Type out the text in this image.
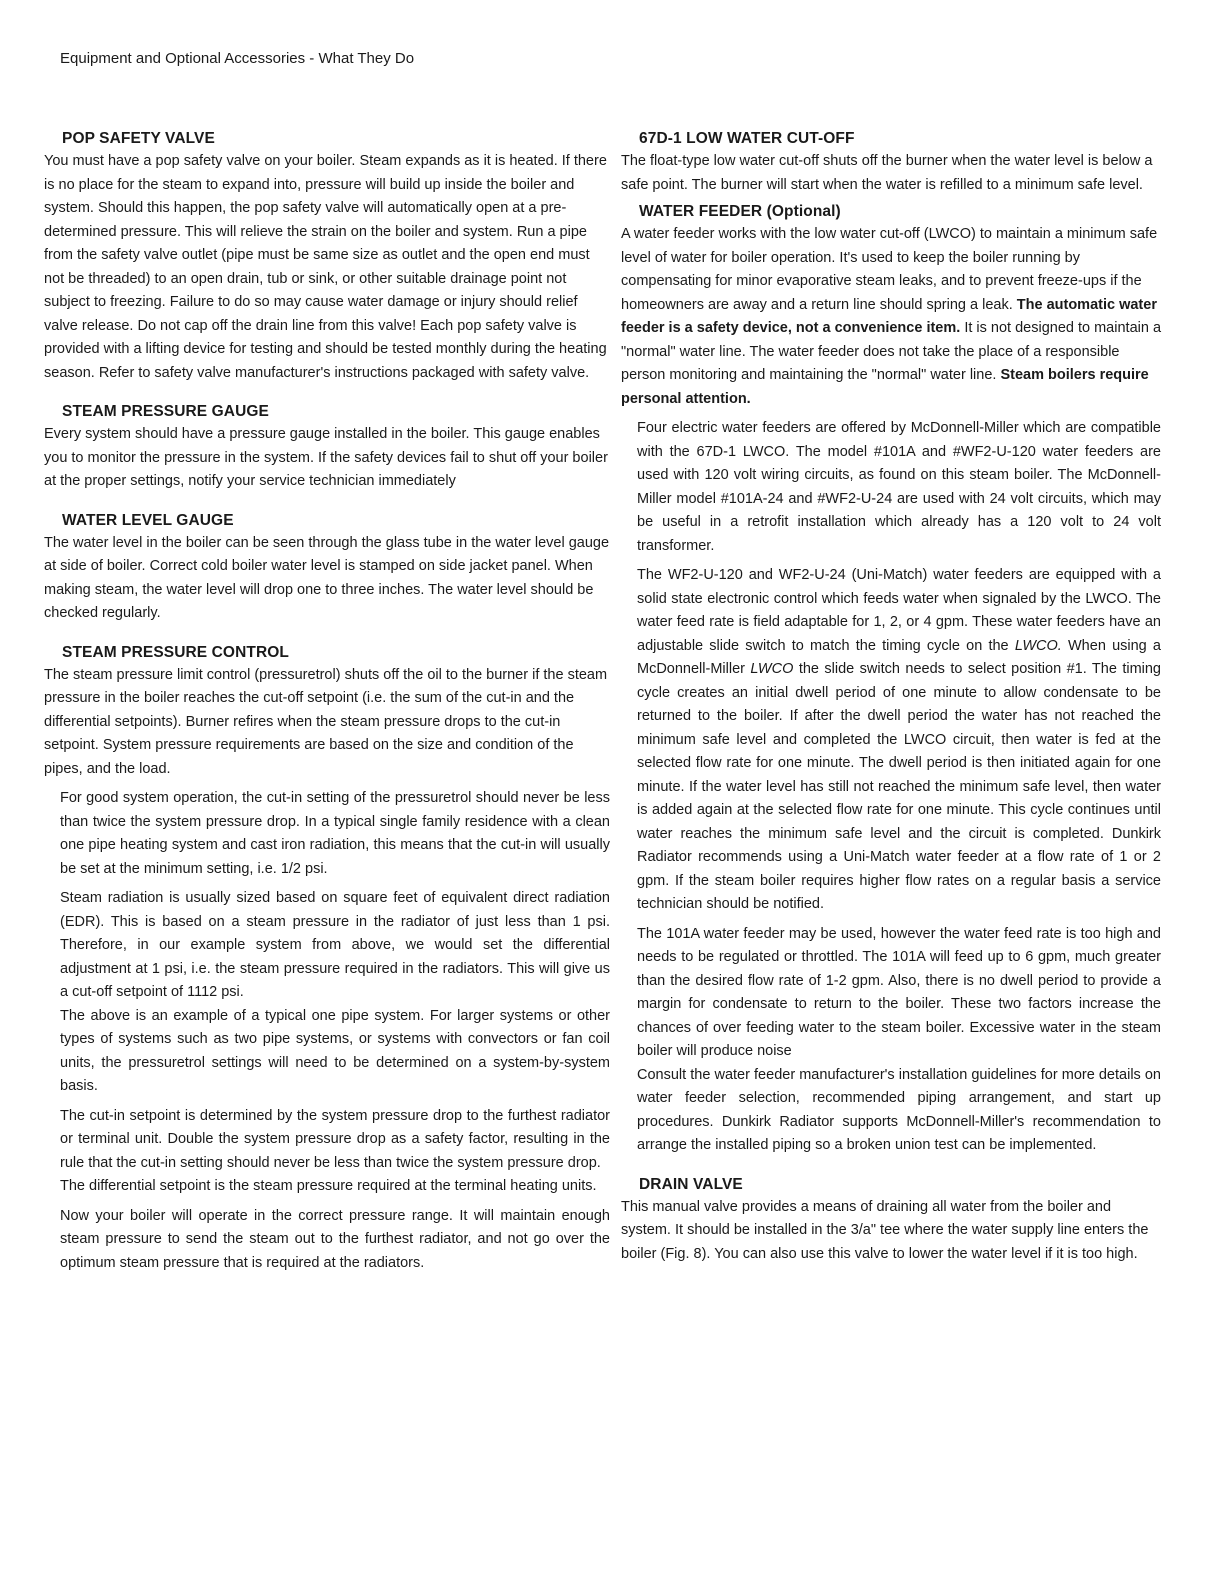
Equipment and Optional Accessories - What They Do
POP SAFETY VALVE

You must have a pop safety valve on your boiler. Steam expands as it is heated. If there is no place for the steam to expand into, pressure will build up inside the boiler and system. Should this happen, the pop safety valve will automatically open at a pre-determined pressure. This will relieve the strain on the boiler and system. Run a pipe from the safety valve outlet (pipe must be same size as outlet and the open end must not be threaded) to an open drain, tub or sink, or other suitable drainage point not subject to freezing. Failure to do so may cause water damage or injury should relief valve release. Do not cap off the drain line from this valve! Each pop safety valve is provided with a lifting device for testing and should be tested monthly during the heating season. Refer to safety valve manufacturer's instructions packaged with safety valve.

STEAM PRESSURE GAUGE

Every system should have a pressure gauge installed in the boiler. This gauge enables you to monitor the pressure in the system. If the safety devices fail to shut off your boiler at the proper settings, notify your service technician immediately

WATER LEVEL GAUGE

The water level in the boiler can be seen through the glass tube in the water level gauge at side of boiler. Correct cold boiler water level is stamped on side jacket panel. When making steam, the water level will drop one to three inches. The water level should be checked regularly.

STEAM PRESSURE CONTROL

The steam pressure limit control (pressuretrol) shuts off the oil to the burner if the steam pressure in the boiler reaches the cut-off setpoint (i.e. the sum of the cut-in and the differential setpoints). Burner refires when the steam pressure drops to the cut-in setpoint. System pressure requirements are based on the size and condition of the pipes, and the load.

For good system operation, the cut-in setting of the pressuretrol should never be less than twice the system pressure drop. In a typical single family residence with a clean one pipe heating system and cast iron radiation, this means that the cut-in will usually be set at the minimum setting, i.e. 1/2 psi.

Steam radiation is usually sized based on square feet of equivalent direct radiation (EDR). This is based on a steam pressure in the radiator of just less than 1 psi. Therefore, in our example system from above, we would set the differential adjustment at 1 psi, i.e. the steam pressure required in the radiators. This will give us a cut-off setpoint of 1112 psi.

The above is an example of a typical one pipe system. For larger systems or other types of systems such as two pipe systems, or systems with convectors or fan coil units, the pressuretrol settings will need to be determined on a system-by-system basis.

The cut-in setpoint is determined by the system pressure drop to the furthest radiator or terminal unit. Double the system pressure drop as a safety factor, resulting in the rule that the cut-in setting should never be less than twice the system pressure drop.

The differential setpoint is the steam pressure required at the terminal heating units.

Now your boiler will operate in the correct pressure range. It will maintain enough steam pressure to send the steam out to the furthest radiator, and not go over the optimum steam pressure that is required at the radiators.

67D-1 LOW WATER CUT-OFF

The float-type low water cut-off shuts off the burner when the water level is below a safe point. The burner will start when the water is refilled to a minimum safe level.

WATER FEEDER (Optional)

A water feeder works with the low water cut-off (LWCO) to maintain a minimum safe level of water for boiler operation. It's used to keep the boiler running by compensating for minor evaporative steam leaks, and to prevent freeze-ups if the homeowners are away and a return line should spring a leak. The automatic water feeder is a safety device, not a convenience item. It is not designed to maintain a "normal" water line. The water feeder does not take the place of a responsible person monitoring and maintaining the "normal" water line. Steam boilers require personal attention.

Four electric water feeders are offered by McDonnell-Miller which are compatible with the 67D-1 LWCO. The model #101A and #WF2-U-120 water feeders are used with 120 volt wiring circuits, as found on this steam boiler. The McDonnell-Miller model #101A-24 and #WF2-U-24 are used with 24 volt circuits, which may be useful in a retrofit installation which already has a 120 volt to 24 volt transformer.

The WF2-U-120 and WF2-U-24 (Uni-Match) water feeders are equipped with a solid state electronic control which feeds water when signaled by the LWCO. The water feed rate is field adaptable for 1, 2, or 4 gpm. These water feeders have an adjustable slide switch to match the timing cycle on the LWCO. When using a McDonnell-Miller LWCO the slide switch needs to select position #1. The timing cycle creates an initial dwell period of one minute to allow condensate to be returned to the boiler. If after the dwell period the water has not reached the minimum safe level and completed the LWCO circuit, then water is fed at the selected flow rate for one minute. The dwell period is then initiated again for one minute. If the water level has still not reached the minimum safe level, then water is added again at the selected flow rate for one minute. This cycle continues until water reaches the minimum safe level and the circuit is completed. Dunkirk Radiator recommends using a Uni-Match water feeder at a flow rate of 1 or 2 gpm. If the steam boiler requires higher flow rates on a regular basis a service technician should be notified.

The 101A water feeder may be used, however the water feed rate is too high and needs to be regulated or throttled. The 101A will feed up to 6 gpm, much greater than the desired flow rate of 1-2 gpm. Also, there is no dwell period to provide a margin for condensate to return to the boiler. These two factors increase the chances of over feeding water to the steam boiler. Excessive water in the steam boiler will produce noise

Consult the water feeder manufacturer's installation guidelines for more details on water feeder selection, recommended piping arrangement, and start up procedures. Dunkirk Radiator supports McDonnell-Miller's recommendation to arrange the installed piping so a broken union test can be implemented.

DRAIN VALVE

This manual valve provides a means of draining all water from the boiler and system. It should be installed in the 3/a" tee where the water supply line enters the boiler (Fig. 8). You can also use this valve to lower the water level if it is too high.
